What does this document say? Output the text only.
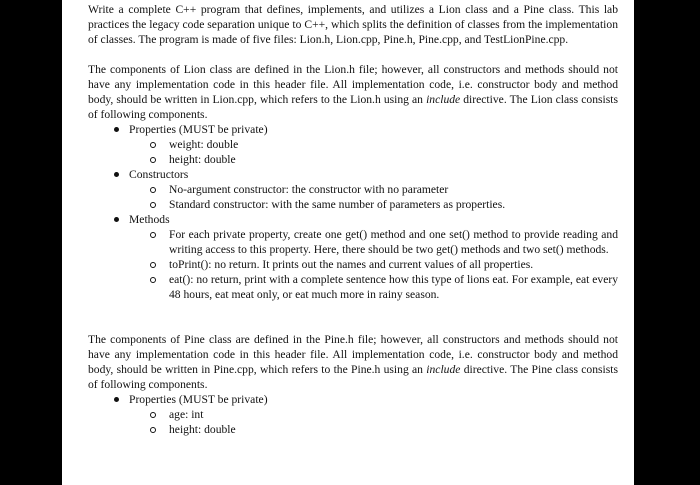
Write a complete C++ program that defines, implements, and utilizes a Lion class and a Pine class. This lab practices the legacy code separation unique to C++, which splits the definition of classes from the implementation of classes. The program is made of five files: Lion.h, Lion.cpp, Pine.h, Pine.cpp, and TestLionPine.cpp.

The components of Lion class are defined in the Lion.h file; however, all constructors and methods should not have any implementation code in this header file. All implementation code, i.e. constructor body and method body, should be written in Lion.cpp, which refers to the Lion.h using an include directive. The Lion class consists of following components.

Properties (MUST be private)
weight: double
height: double
Constructors
No-argument constructor: the constructor with no parameter
Standard constructor: with the same number of parameters as properties.
Methods
For each private property, create one get() method and one set() method to provide reading and writing access to this property. Here, there should be two get() methods and two set() methods.
toPrint(): no return. It prints out the names and current values of all properties.
eat(): no return, print with a complete sentence how this type of lions eat. For example, eat every 48 hours, eat meat only, or eat much more in rainy season.

The components of Pine class are defined in the Pine.h file; however, all constructors and methods should not have any implementation code in this header file. All implementation code, i.e. constructor body and method body, should be written in Pine.cpp, which refers to the Pine.h using an include directive. The Pine class consists of following components.

Properties (MUST be private)
age: int
height: double
